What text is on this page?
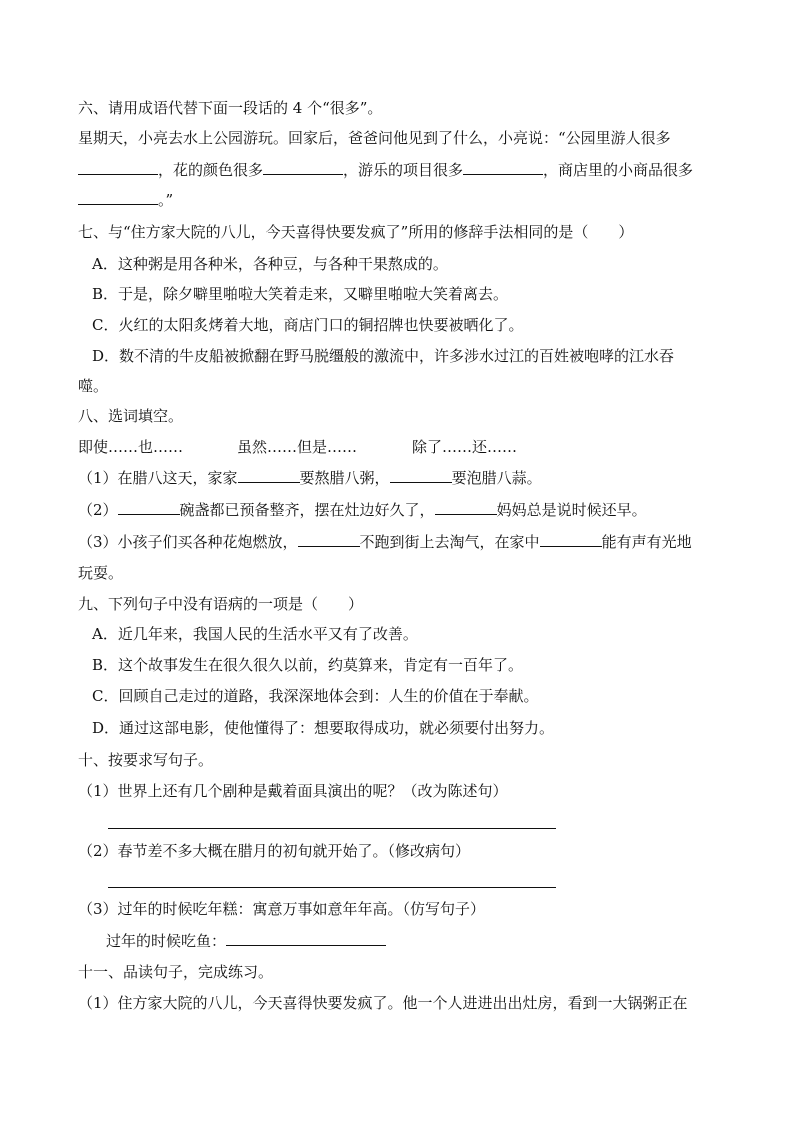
六、请用成语代替下面一段话的 4 个“很多”。
星期天，小亮去水上公园游玩。回家后，爸爸问他见到了什么，小亮说：“公园里游人很多
，花的颜色很多	，游乐的项目很多	，商店里的小商品很多
。”
七、与“住方家大院的八儿，今天喜得快要发疯了”所用的修辞手法相同的是（　　）
A．这种粥是用各种米，各种豆，与各种干果熬成的。
B．于是，除夕噼里啪啦大笑着走来，又噼里啪啦大笑着离去。
C．火红的太阳炙烤着大地，商店门口的铜招牌也快要被晒化了。
D．数不清的牛皮船被掀翻在野马脱缰般的激流中，许多涉水过江的百姓被咆哮的江水吞
噬。
八、选词填空。
即使……也……	虽然……但是……	除了……还……
（1）在腊八这天，家家	要熬腊八粥，	要泡腊八蒜。
（2）	碗盏都已预备整齐，摆在灶边好久了，	妈妈总是说时候还早。
（3）小孩子们买各种花炮燃放，	不跑到街上去淘气，在家中	能有声有光地
玩耍。
九、下列句子中没有语病的一项是（　　）
A．近几年来，我国人民的生活水平又有了改善。
B．这个故事发生在很久很久以前，约莫算来，肯定有一百年了。
C．回顾自己走过的道路，我深深地体会到：人生的价值在于奉献。
D．通过这部电影，使他懂得了：想要取得成功，就必须要付出努力。
十、按要求写句子。
（1）世界上还有几个剧种是戴着面具演出的呢？（改为陈述句）
（2）春节差不多大概在腊月的初旬就开始了。（修改病句）
（3）过年的时候吃年糕：寓意万事如意年年高。（仿写句子）
过年的时候吃鱼：
十一、品读句子，完成练习。
（1）住方家大院的八儿，今天喜得快要发疯了。他一个人进进出出灶房，看到一大锅粥正在
